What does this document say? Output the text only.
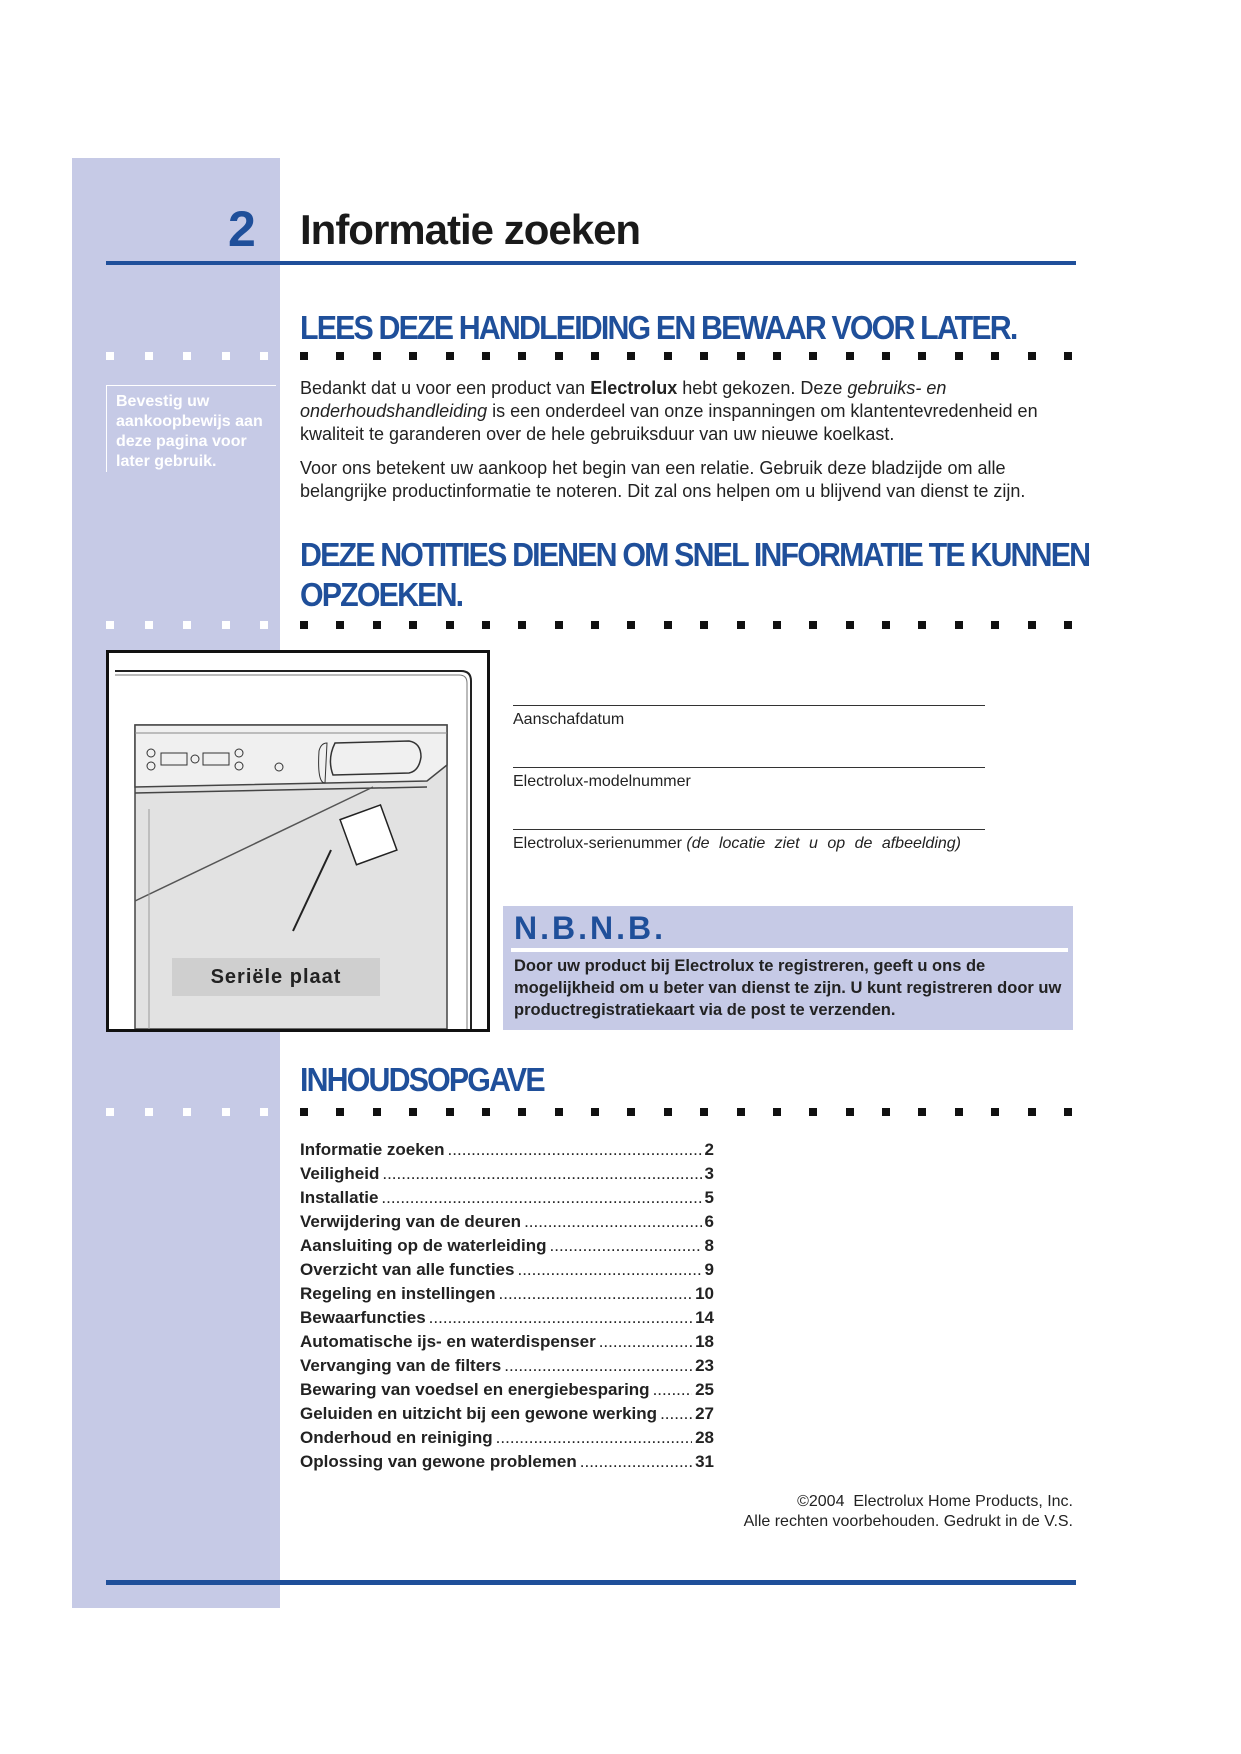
2 Informatie zoeken
LEES DEZE HANDLEIDING EN BEWAAR VOOR LATER.
Bevestig uw aankoopbewijs aan deze pagina voor later gebruik.
Bedankt dat u voor een product van Electrolux hebt gekozen. Deze gebruiks- en onderhoudshandleiding is een onderdeel van onze inspanningen om klantentevredenheid en kwaliteit te garanderen over de hele gebruiksduur van uw nieuwe koelkast.
Voor ons betekent uw aankoop het begin van een relatie. Gebruik deze bladzijde om alle belangrijke productinformatie te noteren. Dit zal ons helpen om u blijvend van dienst te zijn.
DEZE NOTITIES DIENEN OM SNEL INFORMATIE TE KUNNEN
OPZOEKEN.
Seriële plaat
Aanschafdatum
Electrolux-modelnummer
Electrolux-serienummer (de locatie ziet u op de afbeelding)
N.B.N.B.
Door uw product bij Electrolux te registreren, geeft u ons de mogelijkheid om u beter van dienst te zijn. U kunt registreren door uw productregistratiekaart via de post te verzenden.
INHOUDSOPGAVE
Informatie zoeken .....	2
Veiligheid .....	3
Installatie .....	5
Verwijdering van de deuren .....	6
Aansluiting op de waterleiding .....	8
Overzicht van alle functies .....	9
Regeling en instellingen .....	10
Bewaarfuncties .....	14
Automatische ijs- en waterdispenser .....	18
Vervanging van de filters .....	23
Bewaring van voedsel en energiebesparing .....	25
Geluiden en uitzicht bij een gewone werking ..... 27
Onderhoud en reiniging .....	28
Oplossing van gewone problemen .....	31
©2004  Electrolux Home Products, Inc.
Alle rechten voorbehouden. Gedrukt in de V.S.
